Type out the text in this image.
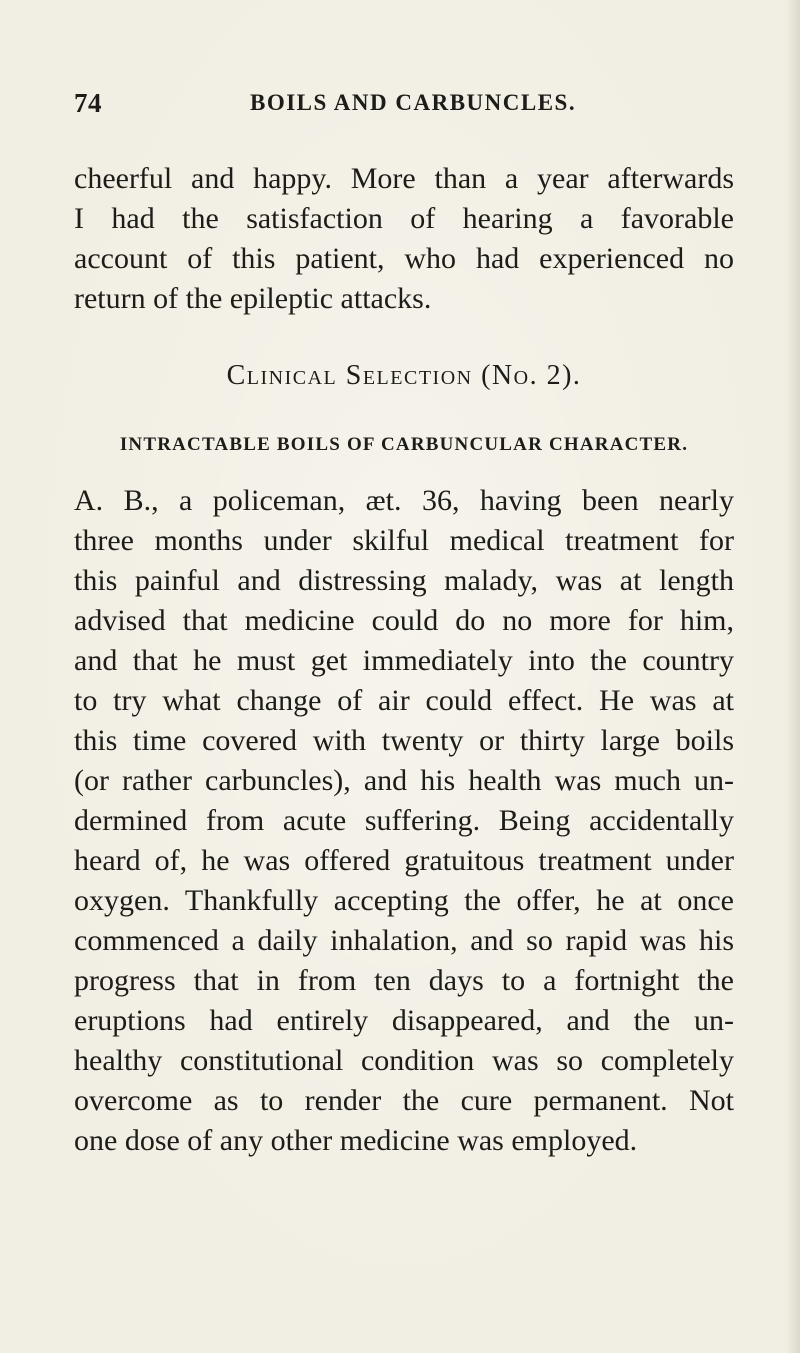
74	BOILS AND CARBUNCLES.

cheerful and happy. More than a year afterwards
I had the satisfaction of hearing a favorable
account of this patient, who had experienced no
return of the epileptic attacks.

Clinical Selection (No. 2).
INTRACTABLE BOILS OF CARBUNCULAR CHARACTER.

A. B., a policeman, æt. 36, having been nearly
three months under skilful medical treatment for
this painful and distressing malady, was at length
advised that medicine could do no more for him,
and that he must get immediately into the country
to try what change of air could effect. He was at
this time covered with twenty or thirty large boils
(or rather carbuncles), and his health was much un-
dermined from acute suffering. Being accidentally
heard of, he was offered gratuitous treatment under
oxygen. Thankfully accepting the offer, he at once
commenced a daily inhalation, and so rapid was his
progress that in from ten days to a fortnight the
eruptions had entirely disappeared, and the un-
healthy constitutional condition was so completely
overcome as to render the cure permanent. Not
one dose of any other medicine was employed.
